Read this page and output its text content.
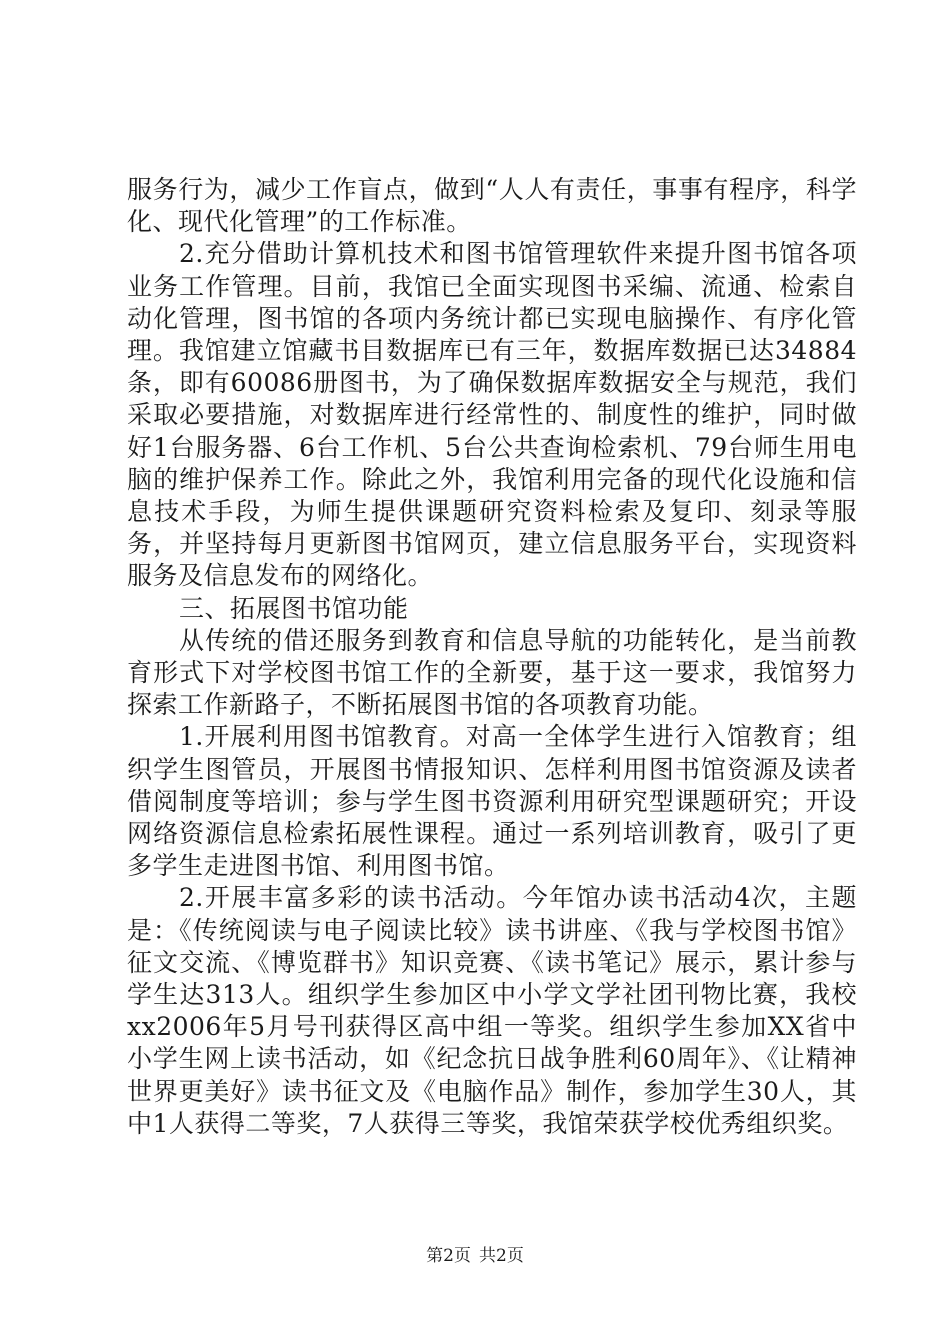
服务行为，减少工作盲点，做到“人人有责任，事事有程序，科学化、现代化管理”的工作标准。

2.充分借助计算机技术和图书馆管理软件来提升图书馆各项业务工作管理。目前，我馆已全面实现图书采编、流通、检索自动化管理，图书馆的各项内务统计都已实现电脑操作、有序化管理。我馆建立馆藏书目数据库已有三年，数据库数据已达34884条，即有60086册图书，为了确保数据库数据安全与规范，我们采取必要措施，对数据库进行经常性的、制度性的维护，同时做好1台服务器、6台工作机、5台公共查询检索机、79台师生用电脑的维护保养工作。除此之外，我馆利用完备的现代化设施和信息技术手段，为师生提供课题研究资料检索及复印、刻录等服务，并坚持每月更新图书馆网页，建立信息服务平台，实现资料服务及信息发布的网络化。

三、拓展图书馆功能

从传统的借还服务到教育和信息导航的功能转化，是当前教育形式下对学校图书馆工作的全新要，基于这一要求，我馆努力探索工作新路子，不断拓展图书馆的各项教育功能。

1.开展利用图书馆教育。对高一全体学生进行入馆教育；组织学生图管员，开展图书情报知识、怎样利用图书馆资源及读者借阅制度等培训；参与学生图书资源利用研究型课题研究；开设网络资源信息检索拓展性课程。通过一系列培训教育，吸引了更多学生走进图书馆、利用图书馆。

2.开展丰富多彩的读书活动。今年馆办读书活动4次，主题是：《传统阅读与电子阅读比较》读书讲座、《我与学校图书馆》征文交流、《博览群书》知识竞赛、《读书笔记》展示，累计参与学生达313人。组织学生参加区中小学文学社团刊物比赛，我校xx2006年5月号刊获得区高中组一等奖。组织学生参加XX省中小学生网上读书活动，如《纪念抗日战争胜利60周年》、《让精神世界更美好》读书征文及《电脑作品》制作，参加学生30人，其中1人获得二等奖，7人获得三等奖，我馆荣获学校优秀组织奖。

第2页 共2页
